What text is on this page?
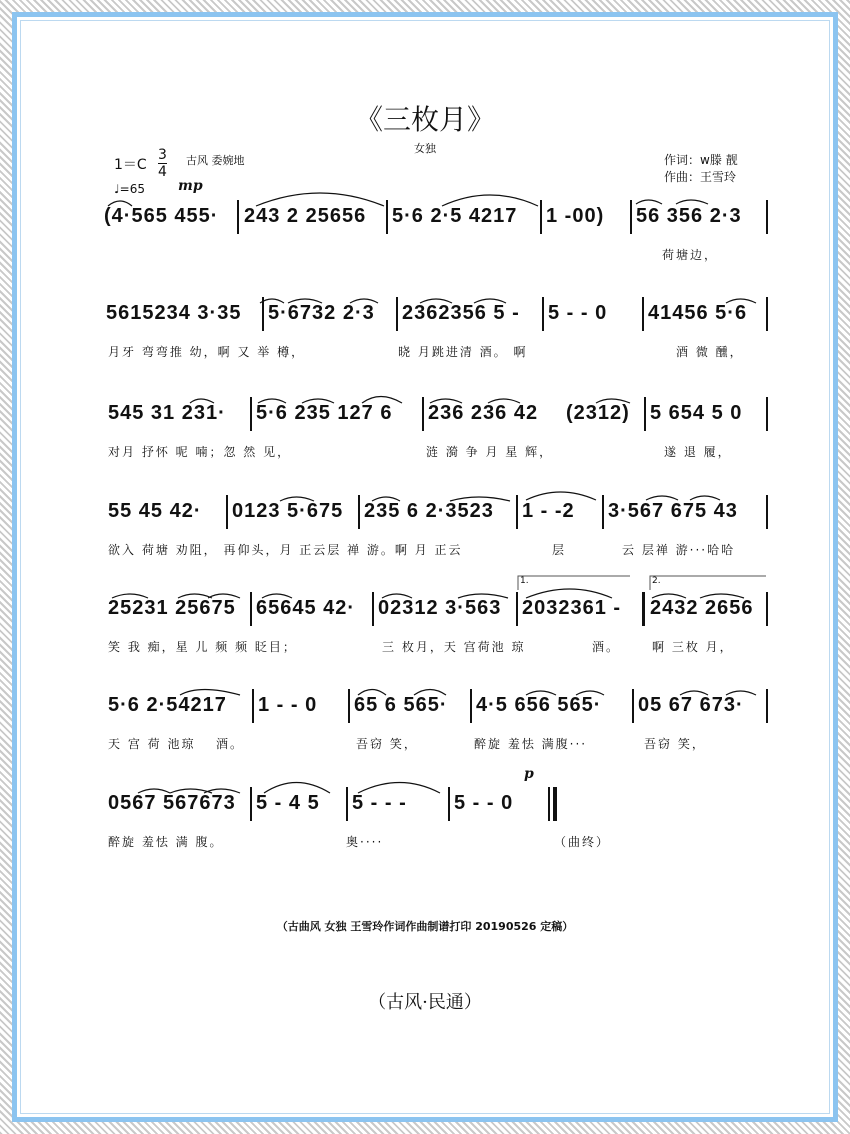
《三枚月》
女独
1＝C
3
4
古风 委婉地
♩=65 mp
作词：w滕 靓
作曲：王雪玲
(4·565 455· 243 2 25656 5·6 2·5 4217 1 -00) 56 356 2·3
荷塘边，
5615234 3·35 5·6732 2·3 2362356 5 - 5 - - 0 41456 5·6
月牙 弯弯推 幼，啊 又 举 樽，	晓 月跳进清 酒。 啊	酒 微 醺，
545 31 231· 5·6 235 127 6 236 236 42 (2312) 5 654 5 0
对月 抒怀 呢 喃；忽 然 见，	涟 漪 争 月 星 辉，	遂 退 履，
55 45 42· 0123 5·675 235 6 2·3523 1 - -2 3·567 675 43
欲入 荷塘 劝阻， 再仰头，月 正云层 禅 游。啊 月 正云	层	云 层禅 游···哈哈
25231 25675 65645 42· 02312 3·563 2032361 - 2432 2656
笑 我 痴，星 儿 频 频 眨目；	三 枚月，天 宫荷池 琼	酒。	啊 三枚 月，
1.	2.
5·6 2·54217 1 - - 0 65 6 565· 4·5 656 565· 05 67 673·
天 宫 荷 池琼 酒。	吾窃 笑，	醉旋 羞怯 满腹···	吾窃 笑，
0567 567673 5 - 4 5 5 - - - 5 - - 0
p
醉旋 羞怯 满 腹。	奥····	（曲终）
（古曲风 女独 王雪玲作词作曲制谱打印 20190526 定稿）
（古风·民通）
